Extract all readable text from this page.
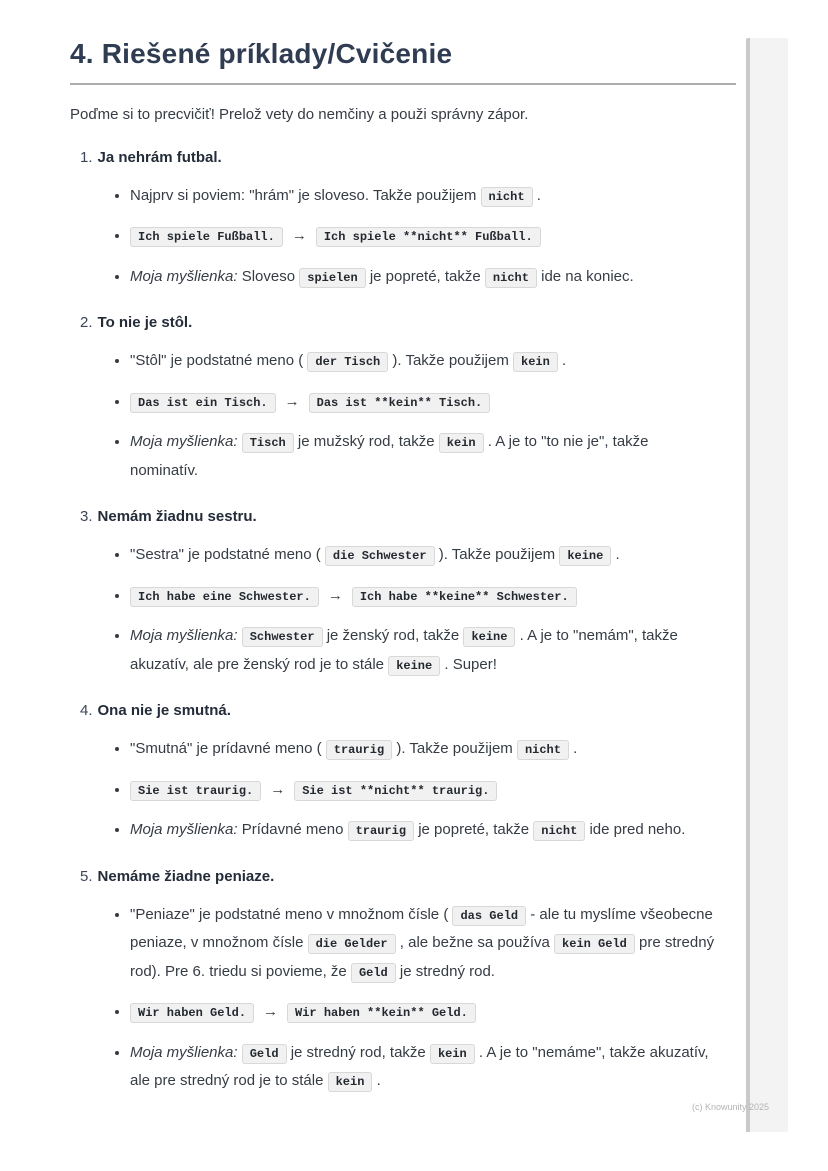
4. Riešené príklady/Cvičenie

Poďme si to precvičiť! Prelož vety do nemčiny a použi správny zápor.

1. Ja nehrám futbal.
• Najprv si poviem: "hrám" je sloveso. Takže použijem nicht .
• Ich spiele Fußball. → Ich spiele **nicht** Fußball.
• Moja myšlienka: Sloveso spielen je popreté, takže nicht ide na koniec.
2. To nie je stôl.
• "Stôl" je podstatné meno ( der Tisch ). Takže použijem kein .
• Das ist ein Tisch. → Das ist **kein** Tisch.
• Moja myšlienka: Tisch je mužský rod, takže kein . A je to "to nie je", takže nominatív.
3. Nemám žiadnu sestru.
• "Sestra" je podstatné meno ( die Schwester ). Takže použijem keine .
• Ich habe eine Schwester. → Ich habe **keine** Schwester.
• Moja myšlienka: Schwester je ženský rod, takže keine . A je to "nemám", takže akuzatív, ale pre ženský rod je to stále keine . Super!
4. Ona nie je smutná.
• "Smutná" je prídavné meno ( traurig ). Takže použijem nicht .
• Sie ist traurig. → Sie ist **nicht** traurig.
• Moja myšlienka: Prídavné meno traurig je popreté, takže nicht ide pred neho.
5. Nemáme žiadne peniaze.
• "Peniaze" je podstatné meno v množnom čísle ( das Geld - ale tu myslíme všeobecne peniaze, v množnom čísle die Gelder , ale bežne sa používa kein Geld pre stredný rod). Pre 6. triedu si povieme, že Geld je stredný rod.
• Wir haben Geld. → Wir haben **kein** Geld.
• Moja myšlienka: Geld je stredný rod, takže kein . A je to "nemáme", takže akuzatív, ale pre stredný rod je to stále kein .
(c) Knowunity 2025
